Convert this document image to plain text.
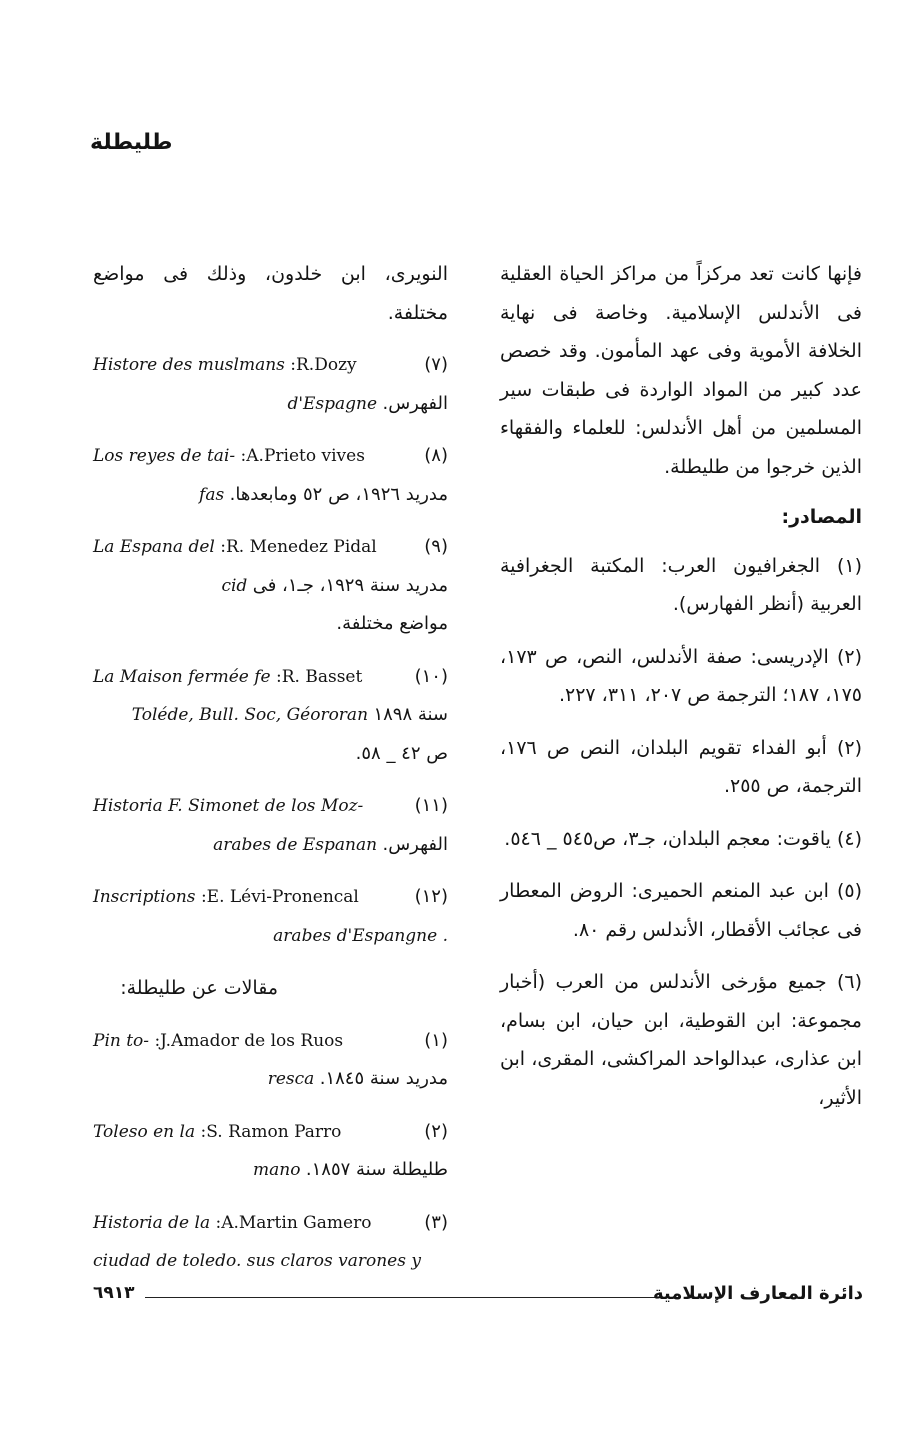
طليطلة

فإنها كانت تعد مركزاً من مراكز الحياة العقلية فى الأندلس الإسلامية. وخاصة فى نهاية الخلافة الأموية وفى عهد المأمون. وقد خصص عدد كبير من المواد الواردة فى طبقات سير المسلمين من أهل الأندلس: للعلماء والفقهاء الذين خرجوا من طليطلة.

المصادر:

(١) الجغرافيون العرب: المكتبة الجغرافية العربية (أنظر الفهارس).

(٢) الإدريسى: صفة الأندلس، النص، ص ١٧٣، ١٧٥، ١٨٧؛ الترجمة ص ٢٠٧، ٣١١، ٢٢٧.

(٢) أبو الفداء تقويم البلدان، النص ص ١٧٦، الترجمة، ص ٢٥٥.

(٤) ياقوت: معجم البلدان، جـ٣، ص٥٤٥ _ ٥٤٦.

(٥) ابن عبد المنعم الحميرى: الروض المعطار فى عجائب الأقطار، الأندلس رقم ٨٠.

(٦) جميع مؤرخى الأندلس من العرب (أخبار مجموعة: ابن القوطية، ابن حيان، ابن بسام، ابن عذارى، عبدالواحد المراكشى، المقرى، ابن الأثير،

النويرى، ابن خلدون، وذلك فى مواضع مختلفة.

(٧)
Histore des muslmans :R.Dozy
الفهرس. d'Espagne
(٨)
Los reyes de tai- :A.Prieto vives
مدريد ١٩٢٦، ص ٥٢ ومابعدها. fas
(٩)
La Espana del :R. Menedez Pidal
مدريد سنة ١٩٢٩، جـ١، فى cid
مواضع مختلفة.
(١٠)
La Maison fermée fe :R. Basset
سنة ١٨٩٨ Toléde, Bull. Soc, Géororan
ص ٤٢ _ ٥٨.
(١١)
Historia F. Simonet de los Moz-
الفهرس. arabes de Espanan
(١٢)
Inscriptions :E. Lévi-Pronencal
. arabes d'Espangne

مقالات عن طليطلة:

(١)
Pin to- :J.Amador de los Ruos
مدريد سنة ١٨٤٥. resca
(٢)
Toleso en la :S. Ramon Parro
طليطلة سنة ١٨٥٧. mano
(٣)
Historia de la :A.Martin Gamero
ciudad de toledo. sus claros varones y
٦٩١٣	دائرة المعارف الإسلامية
